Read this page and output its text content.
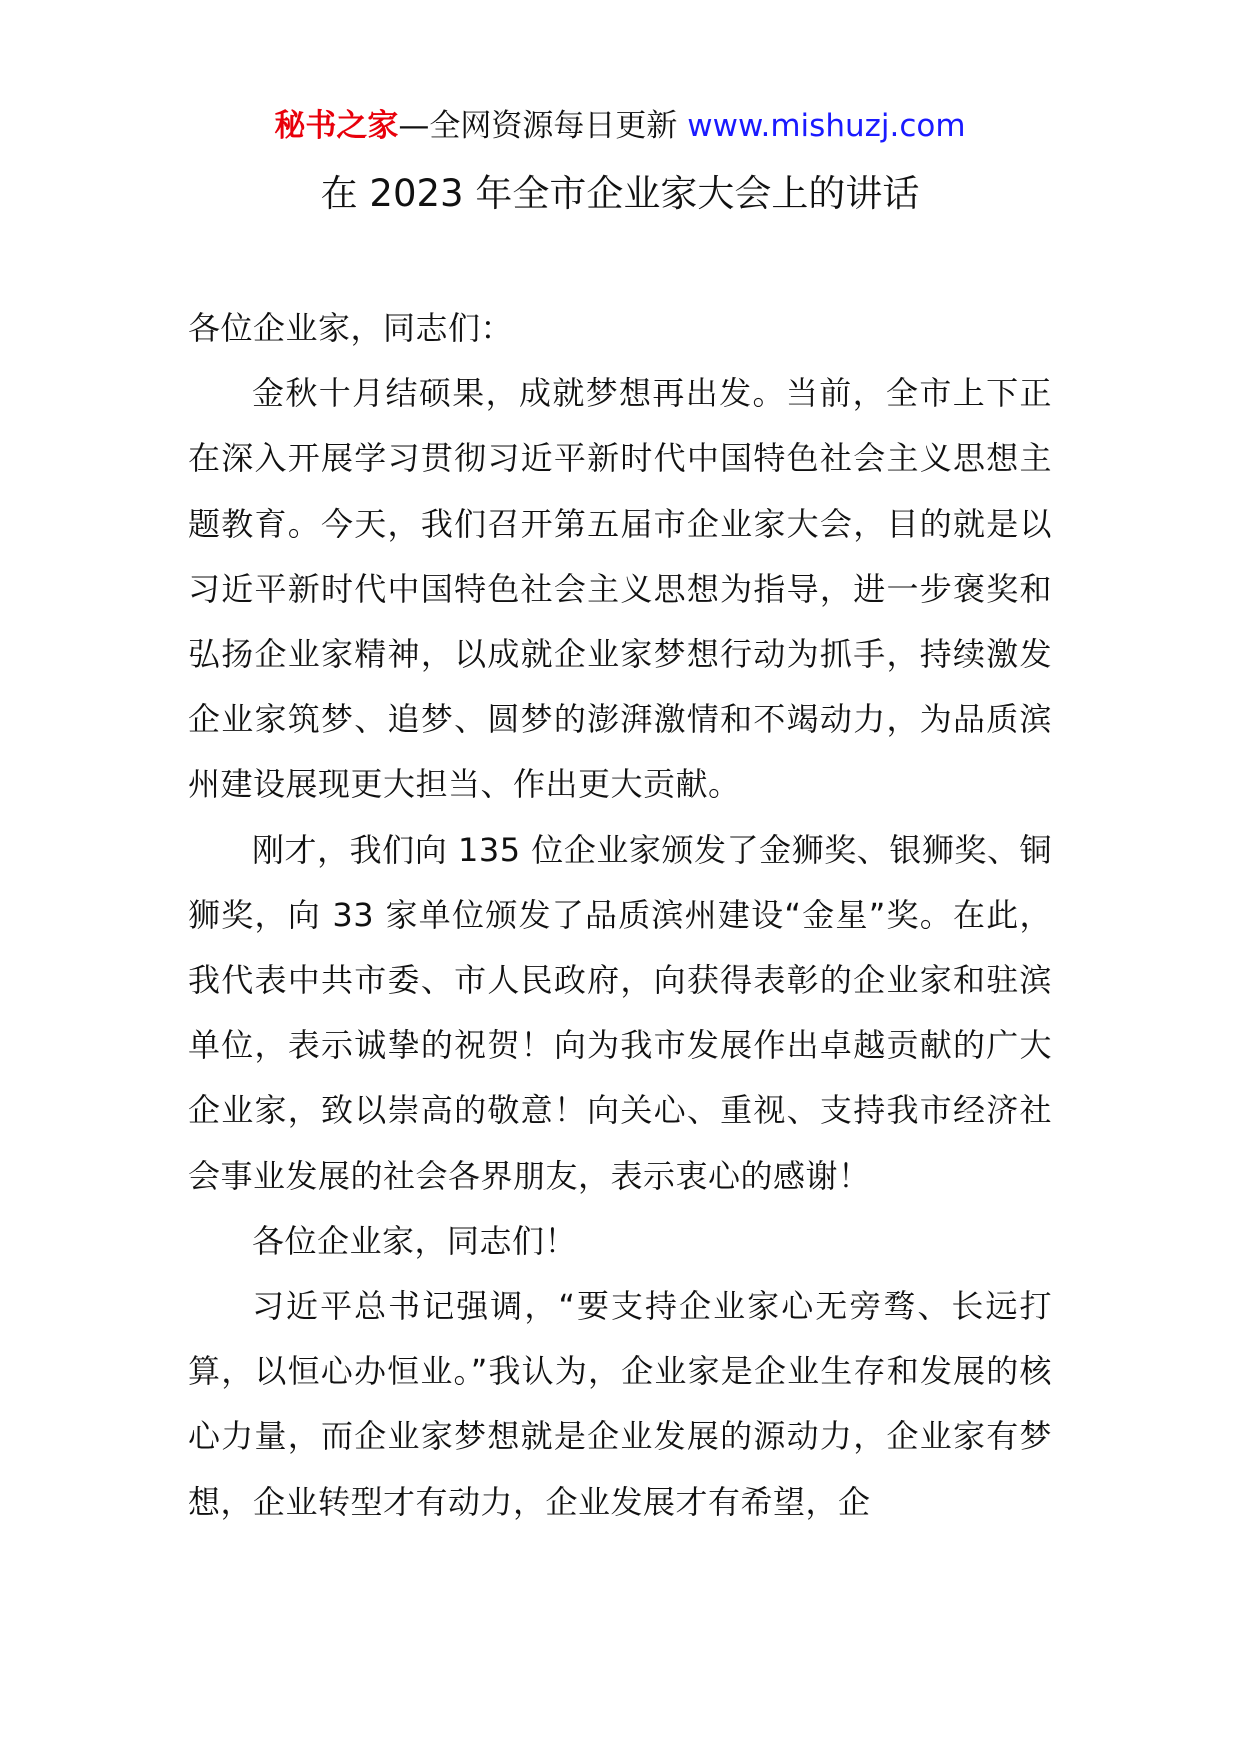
秘书之家—全网资源每日更新 www.mishuzj.com
在 2023 年全市企业家大会上的讲话

各位企业家，同志们：

金秋十月结硕果，成就梦想再出发。当前，全市上下正在深入开展学习贯彻习近平新时代中国特色社会主义思想主题教育。今天，我们召开第五届市企业家大会，目的就是以习近平新时代中国特色社会主义思想为指导，进一步褒奖和弘扬企业家精神，以成就企业家梦想行动为抓手，持续激发企业家筑梦、追梦、圆梦的澎湃激情和不竭动力，为品质滨州建设展现更大担当、作出更大贡献。

刚才，我们向 135 位企业家颁发了金狮奖、银狮奖、铜狮奖，向 33 家单位颁发了品质滨州建设“金星”奖。在此，我代表中共市委、市人民政府，向获得表彰的企业家和驻滨单位，表示诚挚的祝贺！向为我市发展作出卓越贡献的广大企业家，致以崇高的敬意！向关心、重视、支持我市经济社会事业发展的社会各界朋友，表示衷心的感谢！

各位企业家，同志们！

习近平总书记强调，“要支持企业家心无旁骛、长远打算，以恒心办恒业。”我认为，企业家是企业生存和发展的核心力量，而企业家梦想就是企业发展的源动力，企业家有梦想，企业转型才有动力，企业发展才有希望，企
